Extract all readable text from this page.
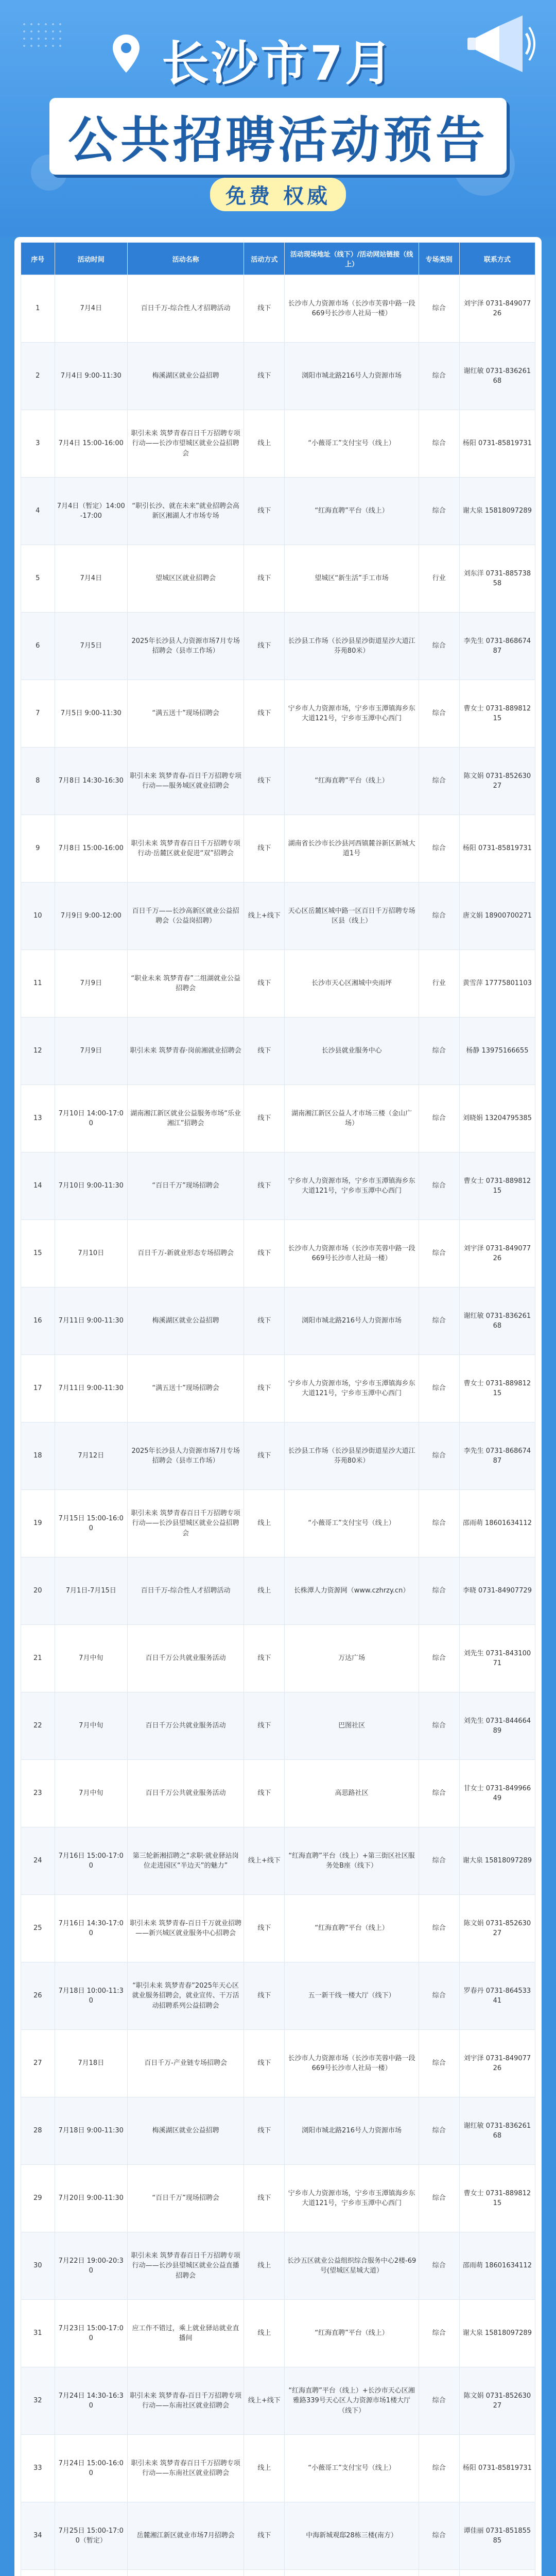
长沙市7月
公共招聘活动预告
免费 权威
序号	活动时间	活动名称	活动方式	活动现场地址（线下）/活动网站链接（线上）	专场类别	联系方式
1	7月4日	百日千万-综合性人才招聘活动	线下	长沙市人力资源市场（长沙市芙蓉中路一段669号长沙市人社局一楼）	综合	刘宇泽 0731-84907726
2	7月4日 9:00-11:30	梅溪湖区就业公益招聘	线下	浏阳市城北路216号人力资源市场	综合	谢红敏 0731-83626168
3	7月4日 15:00-16:00	职引未来 筑梦青春百日千万招聘专项行动——长沙市望城区就业公益招聘会	线上	“小薇哥工”支付宝号（线上）	综合	杨阳 0731-85819731
4	7月4日（暂定）14:00-17:00	“职引长沙、就在未来”就业招聘会高新区湘湖人才市场专场	线下	“红海直聘”平台（线上）	综合	谢大泉 15818097289
5	7月4日	望城区区就业招聘会	线下	望城区“新生活”手工市场	行业	刘东洋 0731-88573858
6	7月5日	2025年长沙县人力资源市场7月专场招聘会（县市工作场）	线下	长沙县工作场（长沙县星沙街道星沙大道江芬苑80米）	综合	李先生 0731-86867487
7	7月5日 9:00-11:30	“满五送十”现场招聘会	线下	宁乡市人力资源市场，宁乡市玉潭镇海乡东大道121号，宁乡市玉潭中心西门	综合	曹女士 0731-88981215
8	7月8日 14:30-16:30	职引未来 筑梦青春-百日千万招聘专项行动——服务城区就业招聘会	线下	“红海直聘”平台（线上）	综合	陈文娟 0731-85263027
9	7月8日 15:00-16:00	职引未来 筑梦青春百日千万招聘专项行动·岳麓区就业促进“双”招聘会	线下	湖南省长沙市长沙县河西镇麓谷新区新城大道1号	综合	杨阳 0731-85819731
10	7月9日 9:00-12:00	百日千万——长沙高新区就业公益招聘会（公益岗招聘）	线上+线下	天心区岳麓区城中路一区百日千万招聘专场区县（线上）	综合	唐文娟 18900700271
11	7月9日	“职业未来 筑梦青春”二组湖就业公益招聘会	线下	长沙市天心区湘城中央雨坪	行业	黄雪萍 17775801103
12	7月9日	职引未来 筑梦青春·岗前湘就业招聘会	线下	长沙县就业服务中心	综合	杨静 13975166655
13	7月10日 14:00-17:00	湖南湘江新区就业公益服务市场“乐业湘江”招聘会	线下	湖南湘江新区公益人才市场三楼（金山广场）	综合	刘晓娟 13204795385
14	7月10日 9:00-11:30	“百日千万”现场招聘会	线下	宁乡市人力资源市场，宁乡市玉潭镇海乡东大道121号，宁乡市玉潭中心西门	综合	曹女士 0731-88981215
15	7月10日	百日千万-新就业形态专场招聘会	线下	长沙市人力资源市场（长沙市芙蓉中路一段669号长沙市人社局一楼）	综合	刘宇泽 0731-84907726
16	7月11日 9:00-11:30	梅溪湖区就业公益招聘	线下	浏阳市城北路216号人力资源市场	综合	谢红敏 0731-83626168
17	7月11日 9:00-11:30	“满五送十”现场招聘会	线下	宁乡市人力资源市场，宁乡市玉潭镇海乡东大道121号，宁乡市玉潭中心西门	综合	曹女士 0731-88981215
18	7月12日	2025年长沙县人力资源市场7月专场招聘会（县市工作场）	线下	长沙县工作场（长沙县星沙街道星沙大道江芬苑80米）	综合	李先生 0731-86867487
19	7月15日 15:00-16:00	职引未来 筑梦青春百日千万招聘专项行动——长沙县望城区就业公益招聘会	线上	“小薇哥工”支付宝号（线上）	综合	邵雨萌 18601634112
20	7月1日-7月15日	百日千万-综合性人才招聘活动	线上	长株潭人力资源网（www.czhrzy.cn）	综合	李晓 0731-84907729
21	7月中旬	百日千万公共就业服务活动	线下	万达广场	综合	刘先生 0731-84310071
22	7月中旬	百日千万公共就业服务活动	线下	巴图社区	综合	刘先生 0731-84466489
23	7月中旬	百日千万公共就业服务活动	线下	高思路社区	综合	甘女士 0731-84996649
24	7月16日 15:00-17:00	第三轮新湘招聘之“求职·就业驿站岗位走进园区“半边天”的魅力”	线上+线下	“红海直聘”平台（线上）+第三街区社区服务处B座（线下）	综合	谢大泉 15818097289
25	7月16日 14:30-17:00	职引未来 筑梦青春-百日千万就业招聘——新兴城区就业服务中心招聘会	线下	“红海直聘”平台（线上）	综合	陈文娟 0731-85263027
26	7月18日 10:00-11:30	“职引未来 筑梦青春”2025年天心区就业服务招聘会，就业宣传、干万活动招聘系列公益招聘会	线下	五一新干线一楼大厅（线下）	综合	罗春丹 0731-86453341
27	7月18日	百日千万-产业链专场招聘会	线下	长沙市人力资源市场（长沙市芙蓉中路一段669号长沙市人社局一楼）	综合	刘宇泽 0731-84907726
28	7月18日 9:00-11:30	梅溪湖区就业公益招聘	线下	浏阳市城北路216号人力资源市场	综合	谢红敏 0731-83626168
29	7月20日 9:00-11:30	“百日千万”现场招聘会	线下	宁乡市人力资源市场，宁乡市玉潭镇海乡东大道121号，宁乡市玉潭中心西门	综合	曹女士 0731-88981215
30	7月22日 19:00-20:30	职引未来 筑梦青春百日千万招聘专项行动——长沙县望城区就业公益直播招聘会	线上	长沙五区就业公益组织综合服务中心2楼-69号(望城区星城大道）	综合	邵雨萌 18601634112
31	7月23日 15:00-17:00	应工作不错过，乘上就业驿站就业直播间	线上	“红海直聘”平台（线上）	综合	谢大泉 15818097289
32	7月24日 14:30-16:30	职引未来 筑梦青春-百日千万招聘专项行动——东南社区就业招聘会	线上+线下	“红海直聘”平台（线上）+长沙市天心区湘雅路339号天心区人力资源市场1楼大厅（线下）	综合	陈文娟 0731-85263027
33	7月24日 15:00-16:00	职引未来 筑梦青春百日千万招聘专项行动——东南社区就业招聘会	线上	“小薇哥工”支付宝号（线上）	综合	杨阳 0731-85819731
34	7月25日 15:00-17:00（暂定）	岳麓湘江新区就业市场7月招聘会	线下	中海新城观邸28栋三楼(南方）	综合	谭佳丽 0731-85185585
